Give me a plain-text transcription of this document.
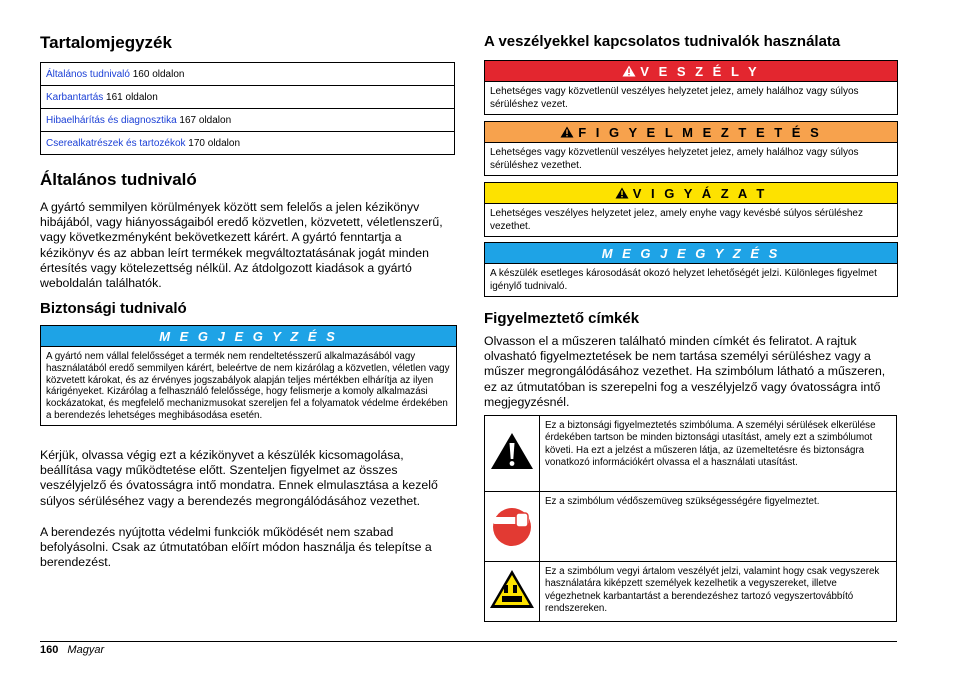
Tartalomjegyzék
Általános tudnivaló 160 oldalon
Karbantartás 161 oldalon
Hibaelhárítás és diagnosztika 167 oldalon
Cserealkatrészek és tartozékok 170 oldalon
Általános tudnivaló

A gyártó semmilyen körülmények között sem felelős a jelen kézikönyv hibájából, vagy hiányosságaiból eredő közvetlen, közvetett, véletlenszerű, vagy következményként bekövetkezett kárért. A gyártó fenntartja a kézikönyv és az abban leírt termékek megváltoztatásának jogát minden értesítés vagy kötelezettség nélkül. Az átdolgozott kiadások a gyártó weboldalán találhatók.

Biztonsági tudnivaló
M E G J E G Y Z É S
A gyártó nem vállal felelősséget a termék nem rendeltetésszerű alkalmazásából vagy használatából eredő semmilyen kárért, beleértve de nem kizárólag a közvetlen, véletlen vagy közvetett károkat, és az érvényes jogszabályok alapján teljes mértékben elhárítja az ilyen kárigényeket. Kizárólag a felhasználó felelőssége, hogy felismerje a komoly alkalmazási kockázatokat, és megfelelő mechanizmusokat szereljen fel a folyamatok védelme érdekében a berendezés lehetséges meghibásodása esetén.

Kérjük, olvassa végig ezt a kézikönyvet a készülék kicsomagolása, beállítása vagy működtetése előtt. Szenteljen figyelmet az összes veszélyjelző és óvatosságra intő mondatra. Ennek elmulasztása a kezelő súlyos sérüléséhez vagy a berendezés megrongálódásához vezethet.

A berendezés nyújtotta védelmi funkciók működését nem szabad befolyásolni. Csak az útmutatóban előírt módon használja és telepítse a berendezést.

A veszélyekkel kapcsolatos tudnivalók használata
V E S Z É L Y
Lehetséges vagy közvetlenül veszélyes helyzetet jelez, amely halálhoz vagy súlyos sérüléshez vezet.
F I G Y E L M E Z T E T É S
Lehetséges vagy közvetlenül veszélyes helyzetet jelez, amely halálhoz vagy súlyos sérüléshez vezethet.
V I G Y Á Z A T
Lehetséges veszélyes helyzetet jelez, amely enyhe vagy kevésbé súlyos sérüléshez vezethet.
M E G J E G Y Z É S
A készülék esetleges károsodását okozó helyzet lehetőségét jelzi. Különleges figyelmet igénylő tudnivaló.
Figyelmeztető címkék

Olvasson el a műszeren található minden címkét és feliratot. A rajtuk olvasható figyelmeztetések be nem tartása személyi sérüléshez vagy a műszer megrongálódásához vezethet. Ha szimbólum látható a műszeren, ez az útmutatóban is szerepelni fog a veszélyjelző vagy óvatosságra intő megjegyzésnél.

	Ez a biztonsági figyelmeztetés szimbóluma. A személyi sérülések elkerülése érdekében tartson be minden biztonsági utasítást, amely ezt a szimbólumot követi. Ha ezt a jelzést a műszeren látja, az üzemeltetésre és biztonságra vonatkozó információkért olvassa el a használati utasítást.
	Ez a szimbólum védőszemüveg szükségességére figyelmeztet.
	Ez a szimbólum vegyi ártalom veszélyét jelzi, valamint hogy csak vegyszerek használatára kiképzett személyek kezelhetik a vegyszereket, illetve végezhetnek karbantartást a berendezéshez tartozó vegyszertovábbító rendszereken.
160 Magyar
